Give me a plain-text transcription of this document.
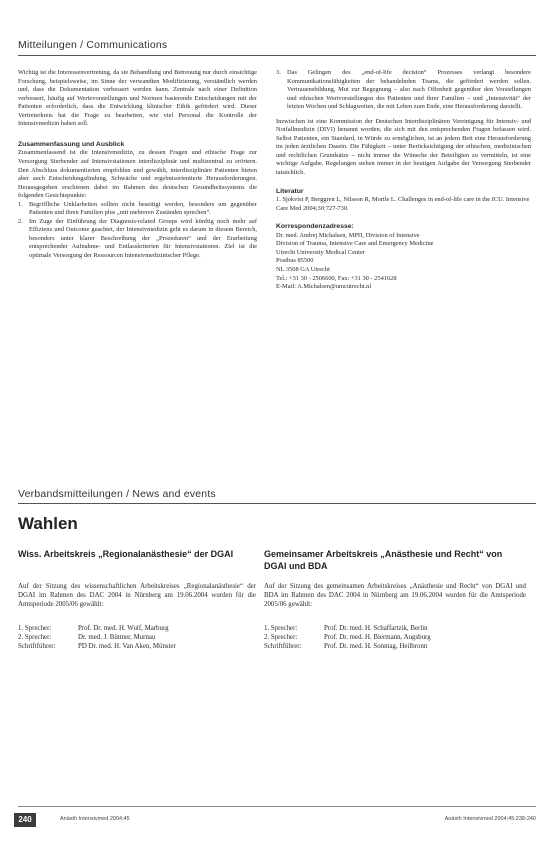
Mitteilungen / Communications

Wichtig ist die Interessenvertretung, da sie Behandlung und Betreuung nur durch einsichtige Forschung, beispielsweise, im Sinne der verwandten Modifizierung, verständlich werden und, dass die Dokumentation verbessert werden kann. Zentrale nach einer Definition verbessert, häufig auf Wertevorstellungen und Normen basierende Entscheidungen mit der Patienten erforderlich, dass die Entwicklung klinischer Ethik gefördert wird. Dieser Vertreterkreis hat die Frage zu bearbeiten, wie viel Personal die Kontrolle der Intensivmedizin haben soll.

Zusammenfassung und Ausblick

Zusammenfassend ist die Intensivmedizin, zu dessen Fragen und ethische Frage zur Versorgung Sterbender auf Intensivstationen interdisziplinär und multizentral zu erörtern. Den Abschluss dokumentierten empfohlen und gewählt, interdisziplinäre Patienten bieten aber auch Entscheidungsfindung, Schwäche und ergebnisorientierte Herausforderungen. Herausgegeben erschienen dabei im Rahmen des deutschen Gesundheitssystems die folgenden Gesichtspunkte:

1. Begriffliche Unklarheiten sollten nicht beseitigt werden, besonders um gegenüber Patienten und ihren Familien plus „mit mehreren Zuständen sprechen“.
2. Im Zuge der Einführung der Diagnosis-related Groups wird künftig noch mehr auf Effizienz und Outcome geachtet, der Intensivmedizin geht es darum in diesem Bereich, besonders unter klarer Beschreibung der „Prozeduren“ und der Erarbeitung entsprechender Aufnahme- und Entlasskriterien für Intensivstationen. Ziel ist die optimale Versorgung der Ressourcen Intensivmedizinischer Pflege.
3. Das Gelingen des „end-of-life decision“ Prozesses verlangt besondere Kommunikationsfähigkeiten der behandelnden Teams, die gefördert werden sollen. Vertrauensbildung, Mut zur Begegnung – also nach Offenheit gegenüber den Vorstellungen und ethischen Wertvorstellungen des Patienten und ihrer Familien – und „Intensivität“ der letzten Wochen und Schlagweiten, die mit Leben zum Ende, eine Herausforderung darstellt.

Inzwischen ist eine Kommission der Deutschen Interdisziplinären Vereinigung für Intensiv- und Notfallmedizin (DIVI) benannt worden, die sich mit den entsprechenden Fragen befassen wird. Selbst Patienten, ein Standard, in Würde zu ermöglichen, ist an jedem Bett eine Herausforderung im jeden ärztlichen Dasein. Die Fähigkeit – unter Berücksichtigung der ethischen, medizinischen und rechtlichen Grundsätze – nicht immer die Wünsche der Beteiligten zu vermitteln, ist eine wichtige Aufgabe. Regelungen stehen immer in der heutigen Aufgabe der Versorgung Sterbender tatsächlich.

Literatur

1. Sjokvist P, Berggren L, Nilsson R, Mortle L. Challenges in end-of-life care in the ICU. Intensive Care Med 2004;30:727-730.

Korrespondenzadresse:
Dr. med. Andrej Michalsen, MPH, Division of Intensive
Division of Trauma, Intensive Care and Emergency Medicine
Utrecht University Medical Center
Postbus 85500
NL 3508 GA Utrecht
Tel.: +31 30 - 2506600, Fax: +31 30 - 2541628
E-Mail: A.Michalsen@umcutrecht.nl
Verbandsmitteilungen / News and events
Wahlen
Wiss. Arbeitskreis „Regionalanästhesie“ der DGAI
Auf der Sitzung des wissenschaftlichen Arbeitskreises „Regionalanästhesie“ der DGAI im Rahmen des DAC 2004 in Nürnberg am 19.06.2004 wurden für die Amtsperiode 2005/06 gewählt:
1. Sprecher:	Prof. Dr. med. H. Wulf, Marburg
2. Sprecher:	Dr. med. J. Büttner, Murnau
Schriftführer:	PD Dr. med. H. Van Aken, Münster
Gemeinsamer Arbeitskreis „Anästhesie und Recht“ von DGAI und BDA
Auf der Sitzung des gemeinsamen Arbeitskreises „Anästhesie und Recht“ von DGAI und BDA im Rahmen des DAC 2004 in Nürnberg am 19.06.2004 wurden für die Amtsperiode 2005/06 gewählt:
1. Sprecher:	Prof. Dr. med. H. Schaffartzik, Berlin
2. Sprecher:	Prof. Dr. med. H. Biermann, Augsburg
Schriftführer:	Prof. Dr. med. H. Sonntag, Heilbronn
240	Anästh Intensivmed 2004;45	Anästh Intensivmed 2004;45:238-240
